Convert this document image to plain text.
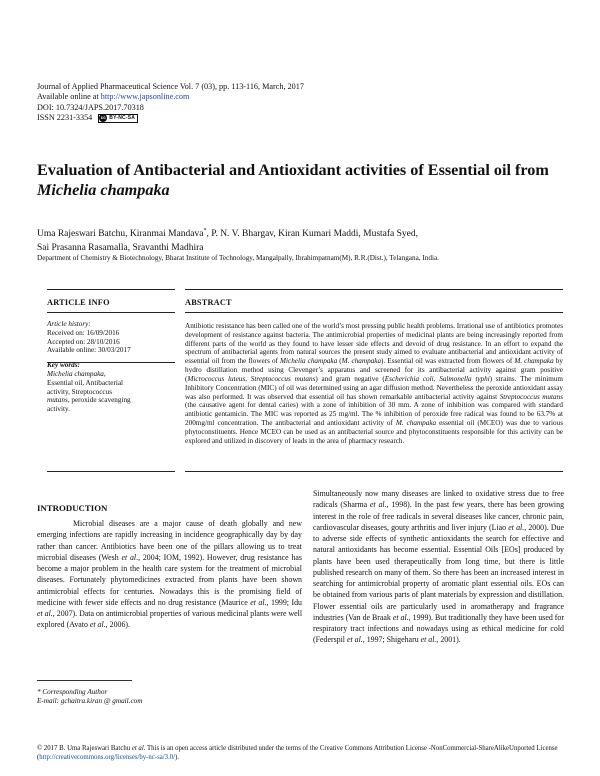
Journal of Applied Pharmaceutical Science Vol. 7 (03), pp. 113-116, March, 2017
Available online at http://www.japsonline.com
DOI: 10.7324/JAPS.2017.70318
ISSN 2231-3354	cc BY-NC-SA
Evaluation of Antibacterial and Antioxidant activities of Essential oil from Michelia champaka
Uma Rajeswari Batchu, Kiranmai Mandava*, P. N. V. Bhargav, Kiran Kumari Maddi, Mustafa Syed,
Sai Prasanna Rasamalla, Sravanthi Madhira
Department of Chemistry & Biotechnology, Bharat Institute of Technology, Mangalpally, Ibrahimpatnam(M), R.R.(Dist.), Telangana, India.
ARTICLE INFO	ABSTRACT
Article history:
Received on: 16/09/2016
Accepted on: 28/10/2016
Available online: 30/03/2017
Key words:
Michelia champaka,
Essential oil, Antibacterial
activity, Streptococcus
mutans, peroxide scavenging
activity.
Antibiotic resistance has been called one of the world’s most pressing public health problems. Irrational use of antibiotics promotes development of resistance against bacteria. The antimicrobial properties of medicinal plants are being increasingly reported from different parts of the world as they found to have lesser side effects and devoid of drug resistance. In an effort to expand the spectrum of antibacterial agents from natural sources the present study aimed to evaluate antibacterial and antioxidant activity of essential oil from the flowers of Michelia champaka (M. champaka). Essential oil was extracted from flowers of M. champaka by hydro distillation method using Clevenger’s apparatus and screened for its antibacterial activity against gram positive (Micrococcus luteus, Streptococcus mutans) and gram negative (Escherichia coli, Salmonella typhi) strains. The minimum Inhibitory Concentration (MIC) of oil was determined using an agar diffusion method. Nevertheless the peroxide antioxidant assay was also performed. It was observed that essential oil has shown remarkable antibacterial activity against Streptococcus mutans (the causative agent for dental caries) with a zone of inhibition of 30 mm. A zone of inhibition was compared with standard antibiotic gentamicin. The MIC was reported as 25 mg/ml. The % inhibition of peroxide free radical was found to be 63.7% at 200mg/ml concentration. The antibacterial and antioxidant activity of M. champaka essential oil (MCEO) was due to various phytoconstituents. Hence MCEO can be used as an antibacterial source and phytoconstituents responsible for this activity can be explored and utilized in discovery of leads in the area of pharmacy research.
INTRODUCTION

Microbial diseases are a major cause of death globally and new emerging infections are rapidly increasing in incidence geographically day by day rather than cancer. Antibiotics have been one of the pillars allowing us to treat microbial diseases (Wesh et al., 2004; IOM, 1992). However, drug resistance has become a major problem in the health care system for the treatment of microbial diseases. Fortunately phytomedicines extracted from plants have been shown antimicrobial effects for centuries. Nowadays this is the promising field of medicine with fewer side effects and no drug resistance (Maurice et al., 1999; Idu et al., 2007). Data on antimicrobial properties of various medicinal plants were well explored (Avato et al., 2006).

Simultaneously now many diseases are linked to oxidative stress due to free radicals (Sharma et al., 1998). In the past few years, there has been growing interest in the role of free radicals in several diseases like cancer, chronic pain, cardiovascular diseases, gouty arthritis and liver injury (Liao et al., 2000). Due to adverse side effects of synthetic antioxidants the search for effective and natural antioxidants has become essential. Essential Oils [EOs] produced by plants have been used therapeutically from long time, but there is little published research on many of them. So there has been an increased interest in searching for antimicrobial property of aromatic plant essential oils. EOs can be obtained from various parts of plant materials by expression and distillation. Flower essential oils are particularly used in aromatherapy and fragrance industries (Van de Braak et al., 1999). But traditionally they have been used for respiratory tract infections and nowadays using as ethical medicine for cold (Federspil et al., 1997; Shigeharu et al., 2001).

* Corresponding Author
E-mail: gchaitra.kiran @ gmail.com
© 2017 B. Uma Rajeswari Batchu et al. This is an open access article distributed under the terms of the Creative Commons Attribution License -NonCommercial-ShareAlikeUnported License (http://creativecommons.org/licenses/by-nc-sa/3.0/).
